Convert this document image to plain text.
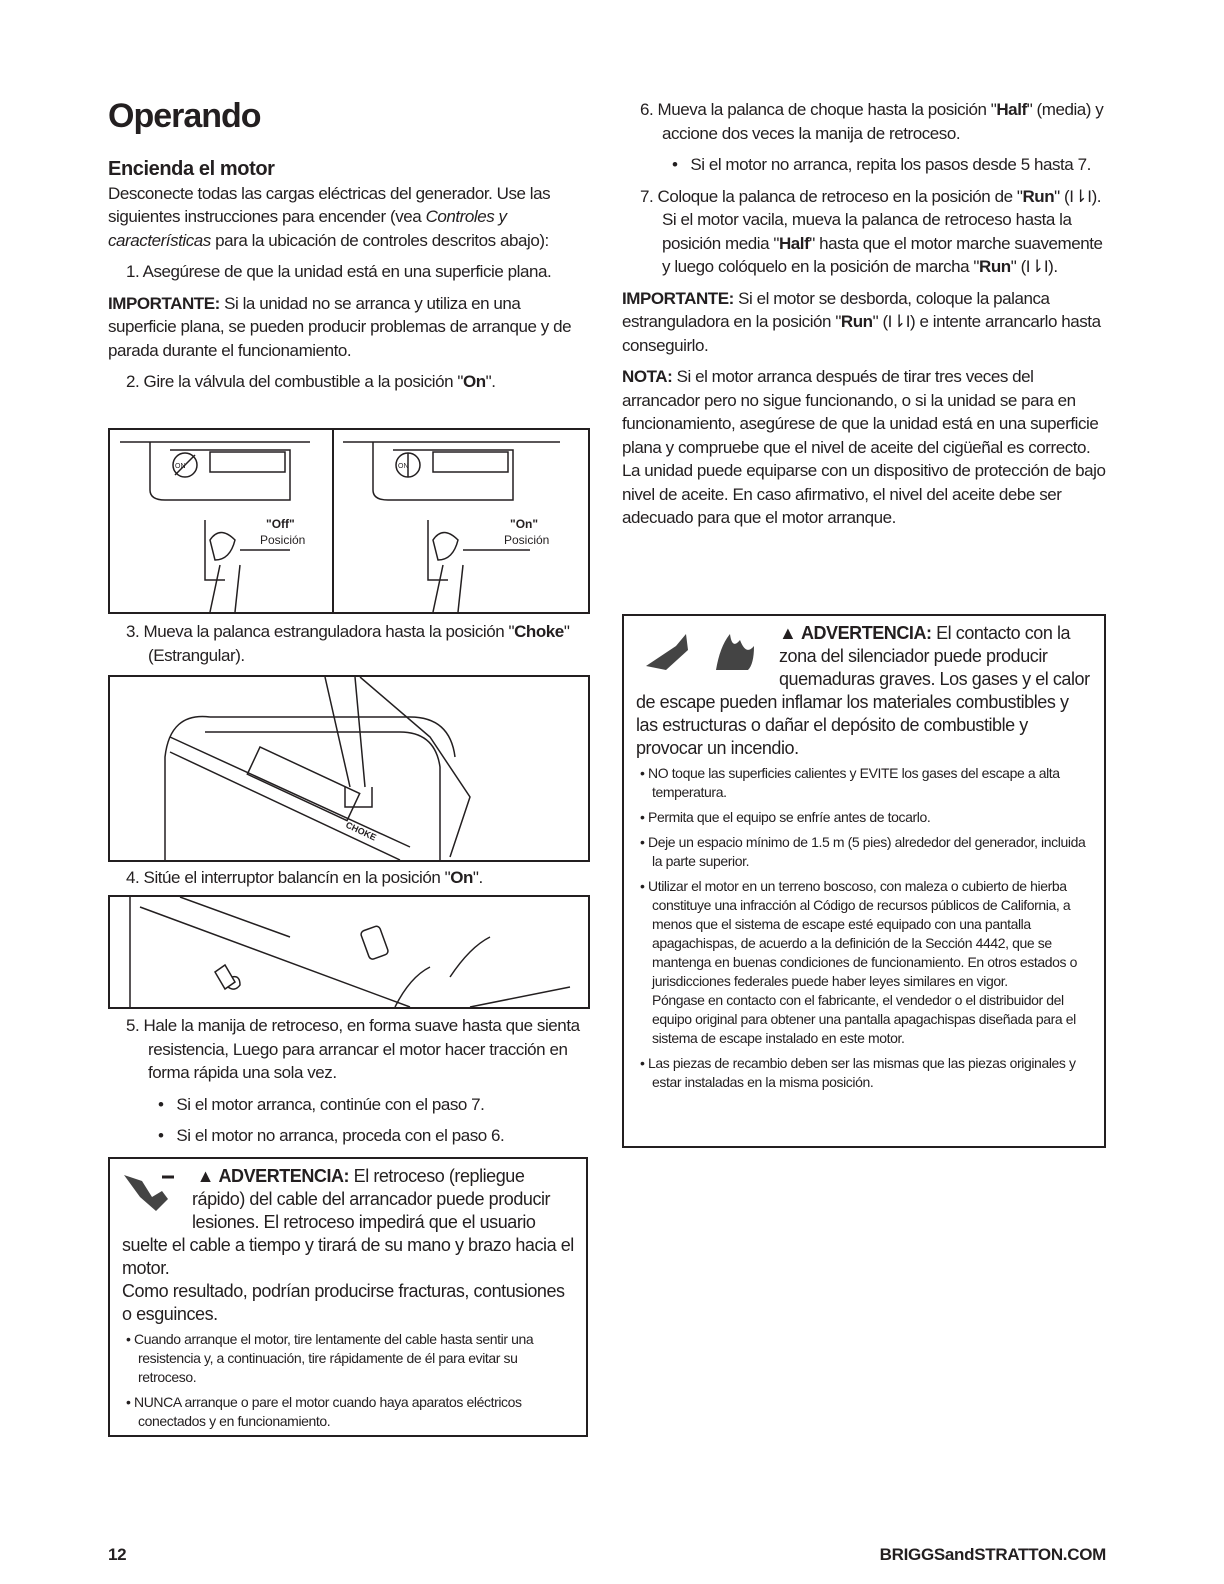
Operando
Encienda el motor

Desconecte todas las cargas eléctricas del generador. Use las siguientes instrucciones para encender (vea Controles y características para la ubicación de controles descritos abajo):

1. Asegúrese de que la unidad está en una superficie plana.

IMPORTANTE: Si la unidad no se arranca y utiliza en una superficie plana, se pueden producir problemas de arranque y de parada durante el funcionamiento.

2. Gire la válvula del combustible a la posición "On".

ON	ON
"Off"
Posición
"On"
Posición

3. Mueva la palanca estranguladora hasta la posición "Choke" (Estrangular).

CHOKE

4. Sitúe el interruptor balancín en la posición "On".

5. Hale la manija de retroceso, en forma suave hasta que sienta resistencia, Luego para arrancar el motor hacer tracción en forma rápida una sola vez.

•   Si el motor arranca, continúe con el paso 7.

•   Si el motor no arranca, proceda con el paso 6.

▲ ADVERTENCIA:
El retroceso (repliegue rápido) del cable del arrancador puede producir lesiones. El retroceso impedirá que el usuario suelte el cable a tiempo y tirará de su mano y brazo hacia el motor.
Como resultado, podrían producirse fracturas, contusiones o esguinces.
• Cuando arranque el motor, tire lentamente del cable hasta sentir una resistencia y, a continuación, tire rápidamente de él para evitar su retroceso.
• NUNCA arranque o pare el motor cuando haya aparatos eléctricos conectados y en funcionamiento.

6. Mueva la palanca de choque hasta la posición "Half" (media) y accione dos veces la manija de retroceso.

•   Si el motor no arranca, repita los pasos desde 5 hasta 7.

7. Coloque la palanca de retroceso en la posición de "Run" (I⇂I). Si el motor vacila, mueva la palanca de retroceso hasta la posición media "Half" hasta que el motor marche suavemente y luego colóquelo en la posición de marcha "Run" (I⇂I).

IMPORTANTE: Si el motor se desborda, coloque la palanca estranguladora en la posición "Run" (I⇂I) e intente arrancarlo hasta conseguirlo.

NOTA: Si el motor arranca después de tirar tres veces del arrancador pero no sigue funcionando, o si la unidad se para en funcionamiento, asegúrese de que la unidad está en una superficie plana y compruebe que el nivel de aceite del cigüeñal es correcto. La unidad puede equiparse con un dispositivo de protección de bajo nivel de aceite. En caso afirmativo, el nivel del aceite debe ser adecuado para que el motor arranque.

▲ ADVERTENCIA:
El contacto con la zona del silenciador puede producir quemaduras graves. Los gases y el calor de escape pueden inflamar los materiales combustibles y las estructuras o dañar el depósito de combustible y provocar un incendio.
• NO toque las superficies calientes y EVITE los gases del escape a alta temperatura.
• Permita que el equipo se enfríe antes de tocarlo.
• Deje un espacio mínimo de 1.5 m (5 pies) alrededor del generador, incluida la parte superior.
• Utilizar el motor en un terreno boscoso, con maleza o cubierto de hierba constituye una infracción al Código de recursos públicos de California, a menos que el sistema de escape esté equipado con una pantalla apagachispas, de acuerdo a la definición de la Sección 4442, que se mantenga en buenas condiciones de funcionamiento. En otros estados o jurisdicciones federales puede haber leyes similares en vigor.
Póngase en contacto con el fabricante, el vendedor o el distribuidor del equipo original para obtener una pantalla apagachispas diseñada para el sistema de escape instalado en este motor.
• Las piezas de recambio deben ser las mismas que las piezas originales y estar instaladas en la misma posición.
12	BRIGGSandSTRATTON.COM
